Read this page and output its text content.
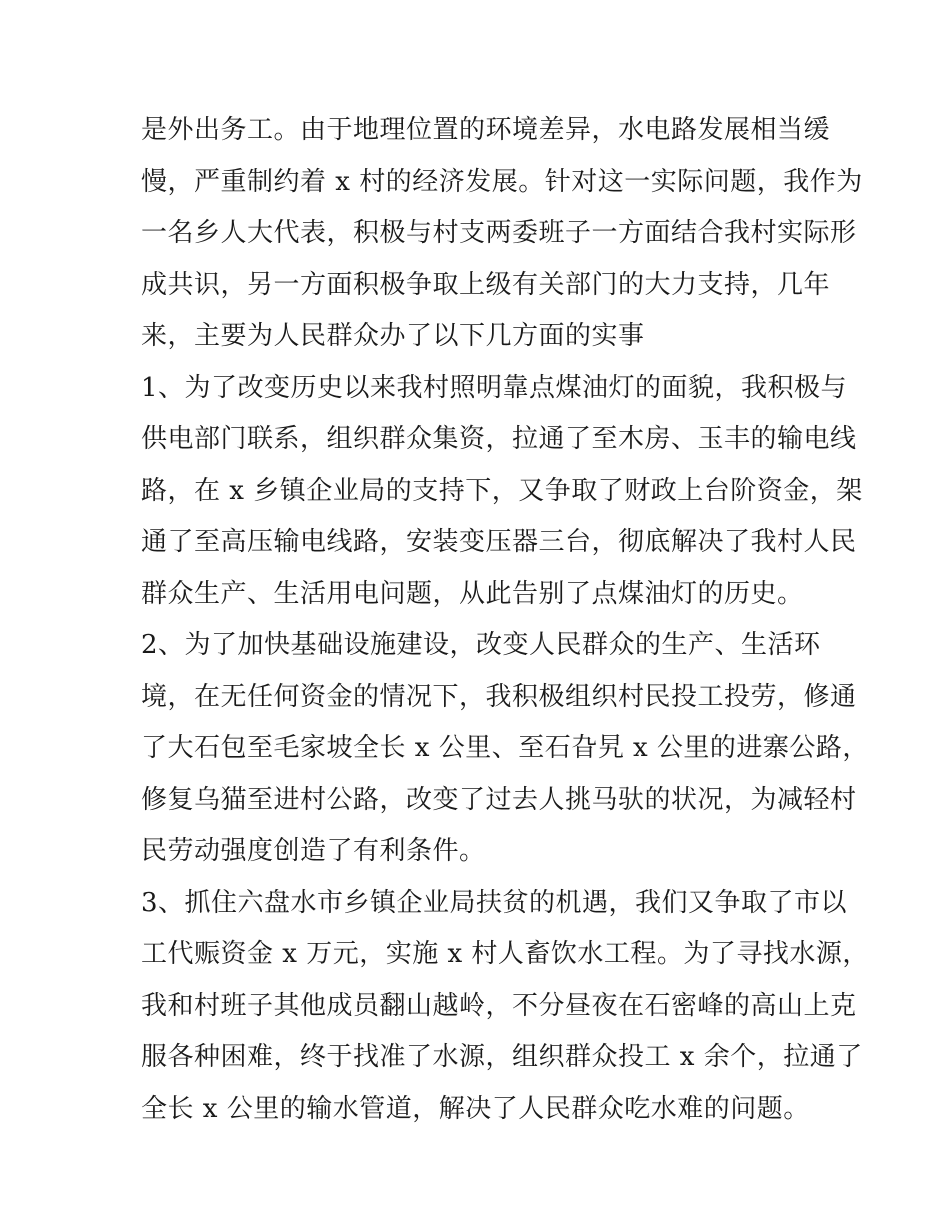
是外出务工。由于地理位置的环境差异，水电路发展相当缓
慢，严重制约着 x 村的经济发展。针对这一实际问题，我作为
一名乡人大代表，积极与村支两委班子一方面结合我村实际形
成共识，另一方面积极争取上级有关部门的大力支持，几年
来，主要为人民群众办了以下几方面的实事
1、为了改变历史以来我村照明靠点煤油灯的面貌，我积极与
供电部门联系，组织群众集资，拉通了至木房、玉丰的输电线
路，在 x 乡镇企业局的支持下，又争取了财政上台阶资金，架
通了至高压输电线路，安装变压器三台，彻底解决了我村人民
群众生产、生活用电问题，从此告别了点煤油灯的历史。
2、为了加快基础设施建设，改变人民群众的生产、生活环
境，在无任何资金的情况下，我积极组织村民投工投劳，修通
了大石包至毛家坡全长 x 公里、至石旮旯 x 公里的进寨公路，
修复乌猫至进村公路，改变了过去人挑马驮的状况，为减轻村
民劳动强度创造了有利条件。
3、抓住六盘水市乡镇企业局扶贫的机遇，我们又争取了市以
工代赈资金 x 万元，实施 x 村人畜饮水工程。为了寻找水源，
我和村班子其他成员翻山越岭，不分昼夜在石密峰的高山上克
服各种困难，终于找准了水源，组织群众投工 x 余个，拉通了
全长 x 公里的输水管道，解决了人民群众吃水难的问题。
